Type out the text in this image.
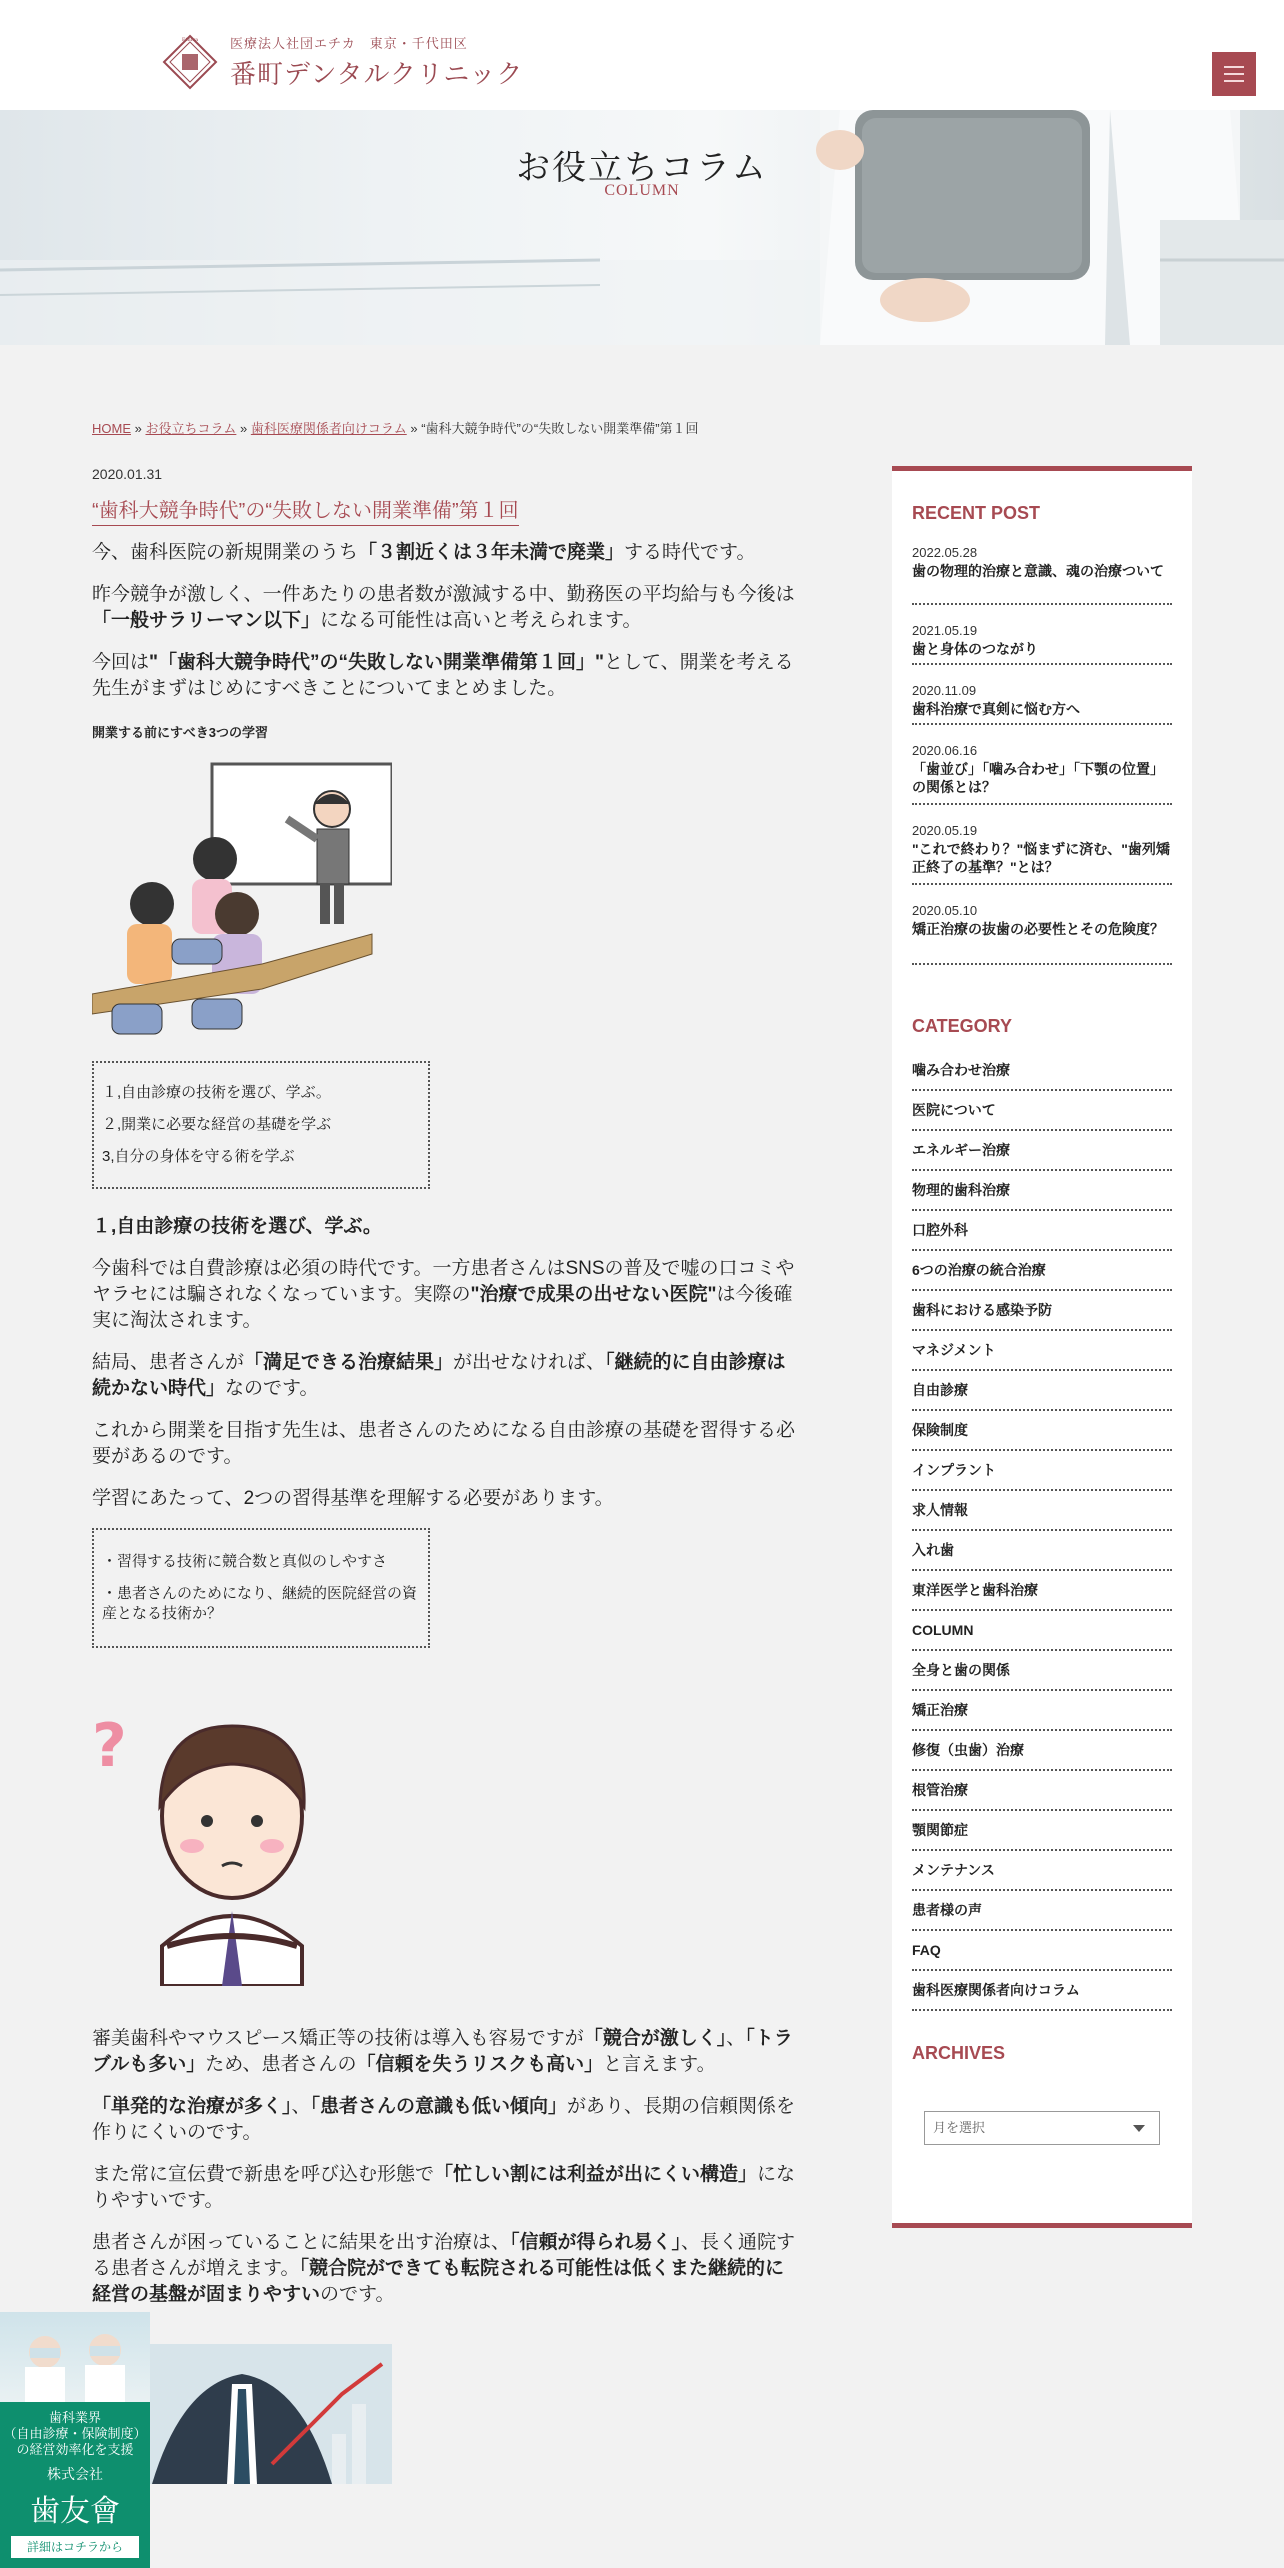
Ethica 医療法人社団エチカ　東京・千代田区
番町デンタルクリニック
お役立ちコラム
COLUMN
HOME » お役立ちコラム » 歯科医療関係者向けコラム » “歯科大競争時代”の“失敗しない開業準備”第１回
2020.01.31
“歯科大競争時代”の“失敗しない開業準備”第１回

今、歯科医院の新規開業のうち「３割近くは３年未満で廃業」する時代です。

昨今競争が激しく、一件あたりの患者数が激減する中、勤務医の平均給与も今後は「一般サラリーマン以下」になる可能性は高いと考えられます。

今回は"「歯科大競争時代”の“失敗しない開業準備第１回」"として、開業を考える先生がまずはじめにすべきことについてまとめました。

開業する前にすべき3つの学習
１,自由診療の技術を選び、学ぶ。
２,開業に必要な経営の基礎を学ぶ
3,自分の身体を守る術を学ぶ
１,自由診療の技術を選び、学ぶ。

今歯科では自費診療は必須の時代です。一方患者さんはSNSの普及で嘘の口コミやヤラセには騙されなくなっています。実際の"治療で成果の出せない医院"は今後確実に淘汰されます。

結局、患者さんが「満足できる治療結果」が出せなければ、「継続的に自由診療は続かない時代」なのです。

これから開業を目指す先生は、患者さんのためになる自由診療の基礎を習得する必要があるのです。

学習にあたって、2つの習得基準を理解する必要があります。

・習得する技術に競合数と真似のしやすさ
・患者さんのためになり、継続的医院経営の資産となる技術か？
?

審美歯科やマウスピース矯正等の技術は導入も容易ですが「競合が激しく」、「トラブルも多い」ため、患者さんの「信頼を失うリスクも高い」と言えます。

「単発的な治療が多く」、「患者さんの意識も低い傾向」があり、長期の信頼関係を作りにくいのです。

また常に宣伝費で新患を呼び込む形態で「忙しい割には利益が出にくい構造」になりやすいです。

患者さんが困っていることに結果を出す治療は、「信頼が得られ易く」、長く通院する患者さんが増えます。「競合院ができても転院される可能性は低くまた継続的に経営の基盤が固まりやすいのです。

RECENT POST
2022.05.28
歯の物理的治療と意識、魂の治療ついて
2021.05.19
歯と身体のつながり
2020.11.09
歯科治療で真剣に悩む方へ
2020.06.16
「歯並び」「噛み合わせ」「下顎の位置」の関係とは？
2020.05.19
"これで終わり？"悩まずに済む、"歯列矯正終了の基準？"とは？
2020.05.10
矯正治療の抜歯の必要性とその危険度？
CATEGORY
噛み合わせ治療
医院について
エネルギー治療
物理的歯科治療
口腔外科
6つの治療の統合治療
歯科における感染予防
マネジメント
自由診療
保険制度
インプラント
求人情報
入れ歯
東洋医学と歯科治療
COLUMN
全身と歯の関係
矯正治療
修復（虫歯）治療
根管治療
顎関節症
メンテナンス
患者様の声
FAQ
歯科医療関係者向けコラム
ARCHIVES
月を選択
歯科業界
（自由診療・保険制度）
の経営効率化を支援
株式会社
歯友會
詳細はコチラから
